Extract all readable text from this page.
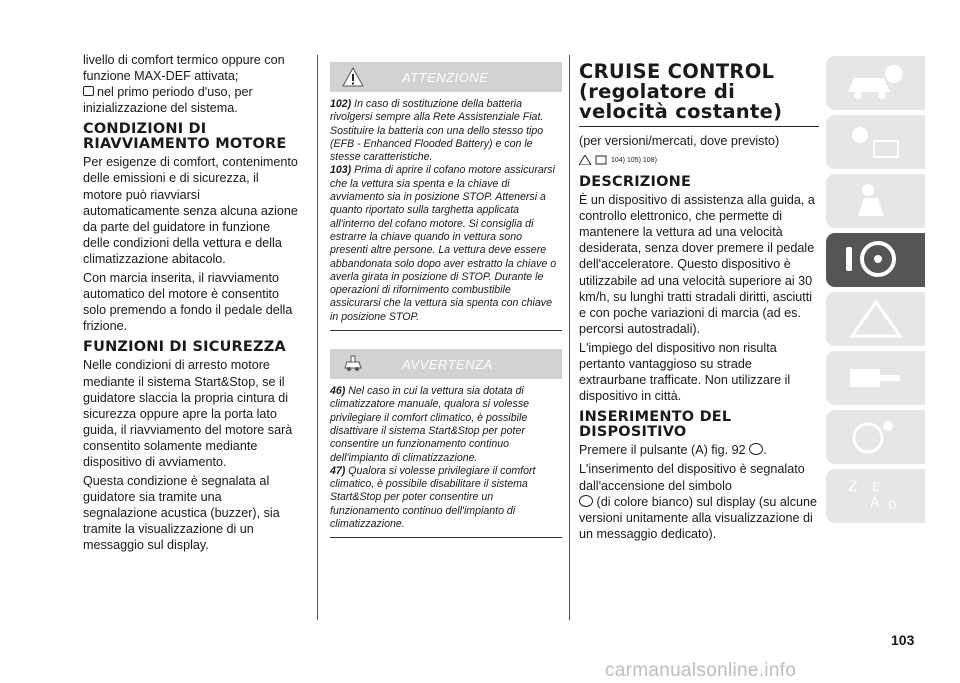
livello di comfort termico oppure con
funzione MAX-DEF attivata;
nel primo periodo d'uso, per
inizializzazione del sistema.

CONDIZIONI DI RIAVVIAMENTO MOTORE

Per esigenze di comfort, contenimento delle emissioni e di sicurezza, il motore può riavviarsi automaticamente senza alcuna azione da parte del guidatore in funzione delle condizioni della vettura e della climatizzazione abitacolo.

Con marcia inserita, il riavviamento automatico del motore è consentito solo premendo a fondo il pedale della frizione.

FUNZIONI DI SICUREZZA

Nelle condizioni di arresto motore mediante il sistema Start&Stop, se il guidatore slaccia la propria cintura di sicurezza oppure apre la porta lato guida, il riavviamento del motore sarà consentito solamente mediante dispositivo di avviamento.

Questa condizione è segnalata al guidatore sia tramite una segnalazione acustica (buzzer), sia tramite la visualizzazione di un messaggio sul display.

ATTENZIONE

102) In caso di sostituzione della batteria rivolgersi sempre alla Rete Assistenziale Fiat. Sostituire la batteria con una dello stesso tipo (EFB - Enhanced Flooded Battery) e con le stesse caratteristiche.

103) Prima di aprire il cofano motore assicurarsi che la vettura sia spenta e la chiave di avviamento sia in posizione STOP. Attenersi a quanto riportato sulla targhetta applicata all'interno del cofano motore. Si consiglia di estrarre la chiave quando in vettura sono presenti altre persone. La vettura deve essere abbandonata solo dopo aver estratto la chiave o averla girata in posizione di STOP. Durante le operazioni di rifornimento combustibile assicurarsi che la vettura sia spenta con chiave in posizione STOP.

AVVERTENZA

46) Nel caso in cui la vettura sia dotata di climatizzatore manuale, qualora si volesse privilegiare il comfort climatico, è possibile disattivare il sistema Start&Stop per poter consentire un funzionamento continuo dell'impianto di climatizzazione.

47) Qualora si volesse privilegiare il comfort climatico, è possibile disabilitare il sistema Start&Stop per poter consentire un funzionamento continuo dell'impianto di climatizzazione.

CRUISE CONTROL (regolatore di velocità costante)

(per versioni/mercati, dove previsto)

104) 105) 108)
DESCRIZIONE

È un dispositivo di assistenza alla guida, a controllo elettronico, che permette di mantenere la vettura ad una velocità desiderata, senza dover premere il pedale dell'acceleratore. Questo dispositivo è utilizzabile ad una velocità superiore ai 30 km/h, su lunghi tratti stradali diritti, asciutti e con poche variazioni di marcia (ad es. percorsi autostradali).

L'impiego del dispositivo non risulta pertanto vantaggioso su strade extraurbane trafficate. Non utilizzare il dispositivo in città.

INSERIMENTO DEL DISPOSITIVO

Premere il pulsante (A) fig. 92 .

L'inserimento del dispositivo è segnalato dall'accensione del simbolo
(di colore bianco) sul display (su alcune versioni unitamente alla visualizzazione di un messaggio dedicato).

Z E
A D
103
carmanualsonline.info
